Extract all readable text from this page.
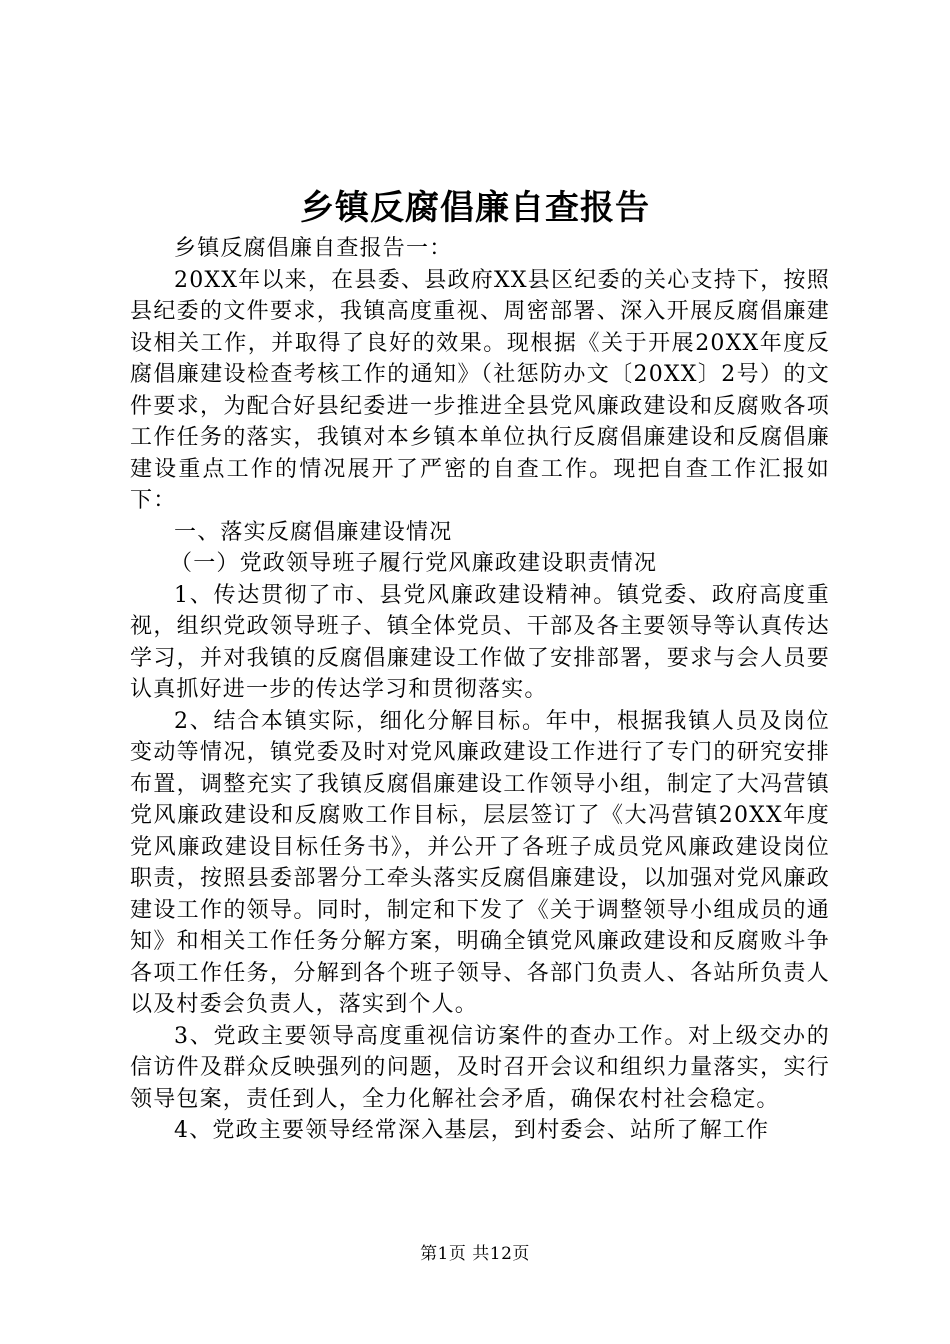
乡镇反腐倡廉自查报告

乡镇反腐倡廉自查报告一：

20XX年以来，在县委、县政府XX县区纪委的关心支持下，按照县纪委的文件要求，我镇高度重视、周密部署、深入开展反腐倡廉建设相关工作，并取得了良好的效果。现根据《关于开展20XX年度反腐倡廉建设检查考核工作的通知》（社惩防办文〔20XX〕2号）的文件要求，为配合好县纪委进一步推进全县党风廉政建设和反腐败各项工作任务的落实，我镇对本乡镇本单位执行反腐倡廉建设和反腐倡廉建设重点工作的情况展开了严密的自查工作。现把自查工作汇报如下：

一、落实反腐倡廉建设情况

（一）党政领导班子履行党风廉政建设职责情况

1、传达贯彻了市、县党风廉政建设精神。镇党委、政府高度重视，组织党政领导班子、镇全体党员、干部及各主要领导等认真传达学习，并对我镇的反腐倡廉建设工作做了安排部署，要求与会人员要认真抓好进一步的传达学习和贯彻落实。

2、结合本镇实际，细化分解目标。年中，根据我镇人员及岗位变动等情况，镇党委及时对党风廉政建设工作进行了专门的研究安排布置，调整充实了我镇反腐倡廉建设工作领导小组，制定了大冯营镇党风廉政建设和反腐败工作目标，层层签订了《大冯营镇20XX年度党风廉政建设目标任务书》，并公开了各班子成员党风廉政建设岗位职责，按照县委部署分工牵头落实反腐倡廉建设，以加强对党风廉政建设工作的领导。同时，制定和下发了《关于调整领导小组成员的通知》和相关工作任务分解方案，明确全镇党风廉政建设和反腐败斗争各项工作任务，分解到各个班子领导、各部门负责人、各站所负责人以及村委会负责人，落实到个人。

3、党政主要领导高度重视信访案件的查办工作。对上级交办的信访件及群众反映强列的问题，及时召开会议和组织力量落实，实行领导包案，责任到人，全力化解社会矛盾，确保农村社会稳定。

4、党政主要领导经常深入基层，到村委会、站所了解工作

第1页 共12页
